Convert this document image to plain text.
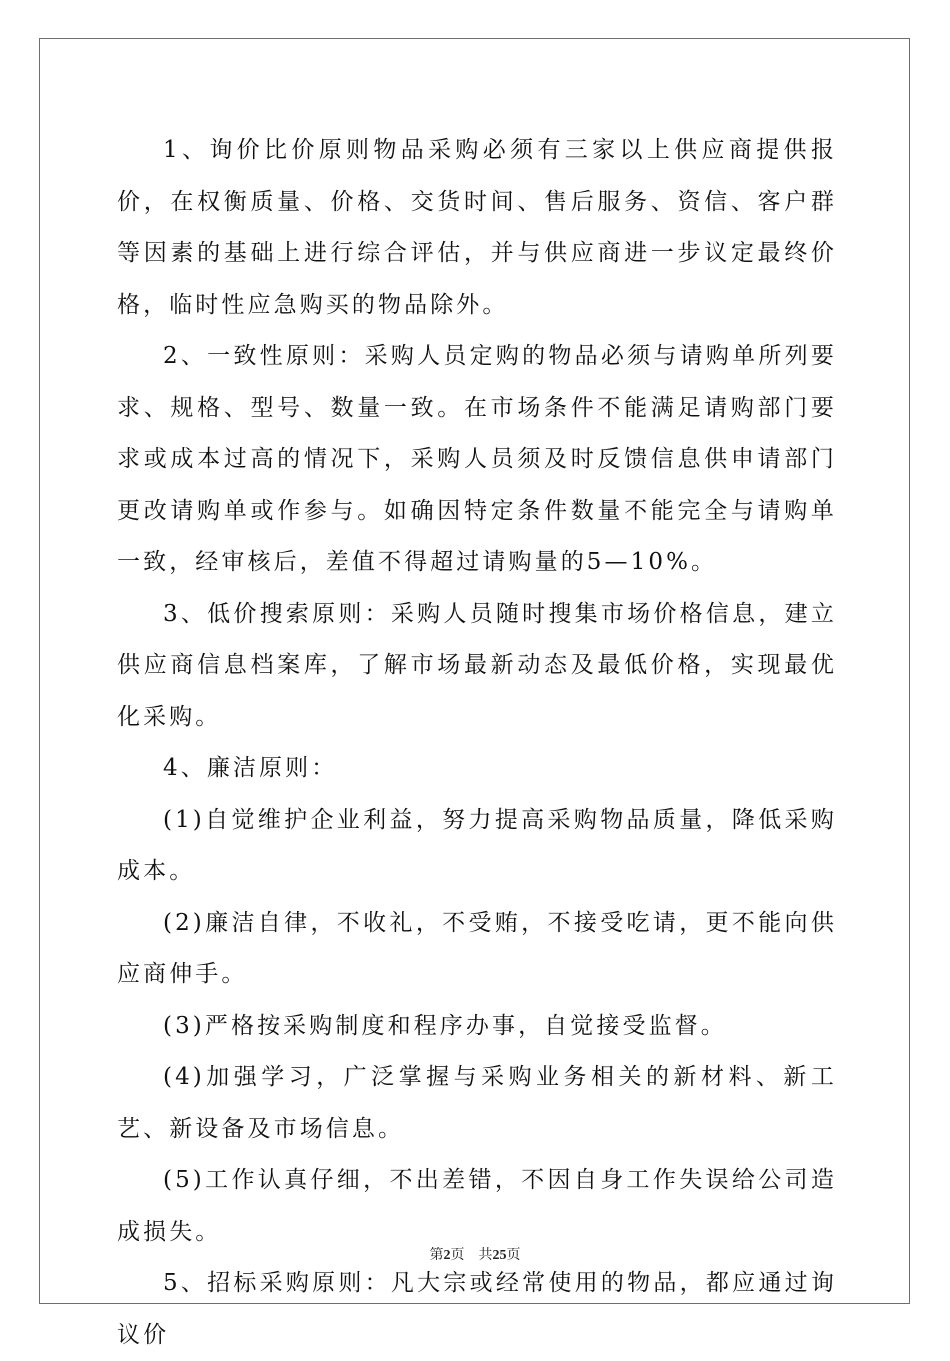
1、询价比价原则物品采购必须有三家以上供应商提供报价，在权衡质量、价格、交货时间、售后服务、资信、客户群等因素的基础上进行综合评估，并与供应商进一步议定最终价格，临时性应急购买的物品除外。

2、一致性原则：采购人员定购的物品必须与请购单所列要求、规格、型号、数量一致。在市场条件不能满足请购部门要求或成本过高的情况下，采购人员须及时反馈信息供申请部门更改请购单或作参与。如确因特定条件数量不能完全与请购单一致，经审核后，差值不得超过请购量的5—10%。

3、低价搜索原则：采购人员随时搜集市场价格信息，建立供应商信息档案库，了解市场最新动态及最低价格，实现最优化采购。

4、廉洁原则：

(1)自觉维护企业利益，努力提高采购物品质量，降低采购成本。

(2)廉洁自律，不收礼，不受贿，不接受吃请，更不能向供应商伸手。

(3)严格按采购制度和程序办事，自觉接受监督。

(4)加强学习，广泛掌握与采购业务相关的新材料、新工艺、新设备及市场信息。

(5)工作认真仔细，不出差错，不因自身工作失误给公司造成损失。

5、招标采购原则：凡大宗或经常使用的物品，都应通过询议价

第2页 共25页
